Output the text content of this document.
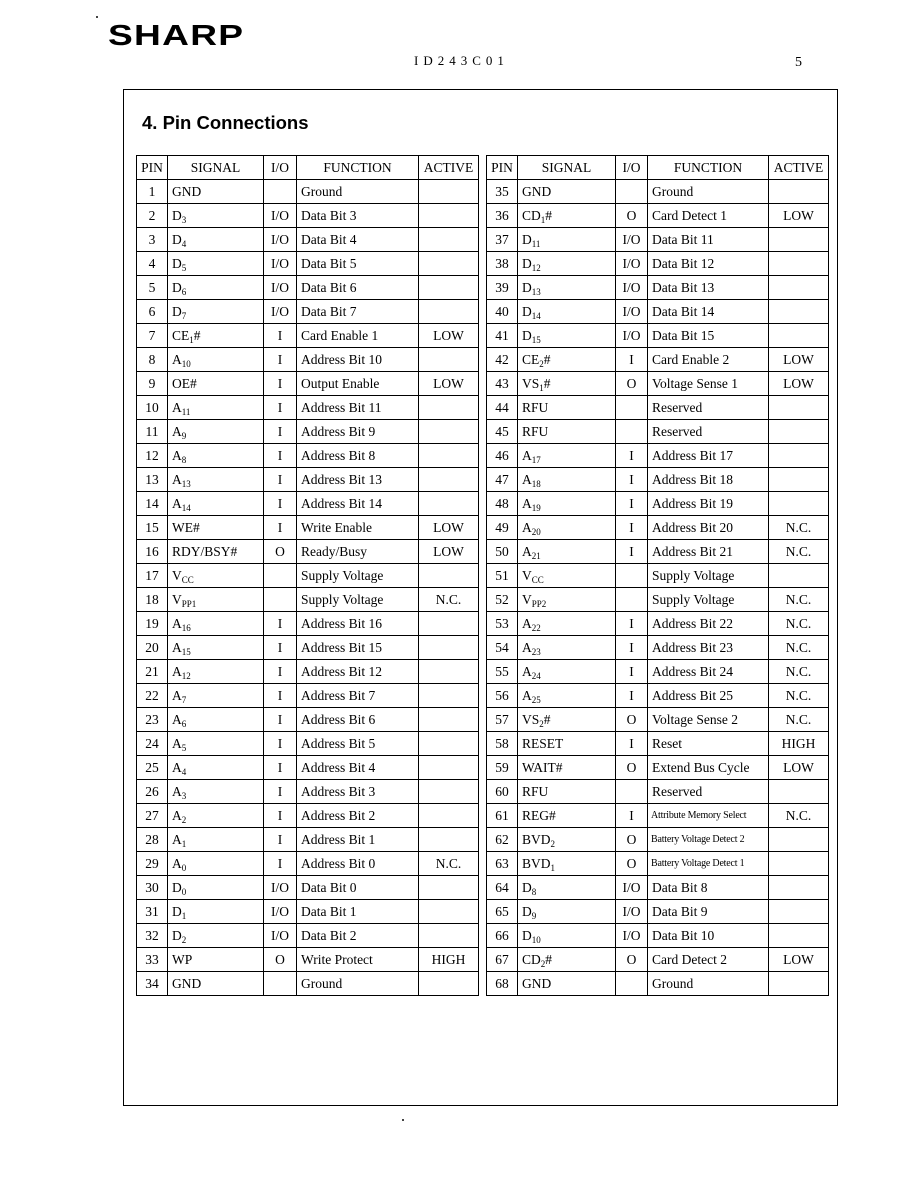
SHARP
ID243C01	5
4. Pin Connections
PIN	SIGNAL	I/O	FUNCTION	ACTIVE
1	GND		Ground	
2	$D_3$	I/O	Data Bit 3	
3	$D_4$	I/O	Data Bit 4	
4	$D_5$	I/O	Data Bit 5	
5	$D_6$	I/O	Data Bit 6	
6	$D_7$	I/O	Data Bit 7	
7	$CE_1\#$	I	Card Enable 1	LOW
8	$A_{10}$	I	Address Bit 10	
9	OE#	I	Output Enable	LOW
10	$A_{11}$	I	Address Bit 11	
11	$A_9$	I	Address Bit 9	
12	$A_8$	I	Address Bit 8	
13	$A_{13}$	I	Address Bit 13	
14	$A_{14}$	I	Address Bit 14	
15	WE#	I	Write Enable	LOW
16	RDY/BSY#	O	Ready/Busy	LOW
17	$V_{CC}$		Supply Voltage	
18	$V_{PP1}$		Supply Voltage	N.C.
19	$A_{16}$	I	Address Bit 16	
20	$A_{15}$	I	Address Bit 15	
21	$A_{12}$	I	Address Bit 12	
22	$A_7$	I	Address Bit 7	
23	$A_6$	I	Address Bit 6	
24	$A_5$	I	Address Bit 5	
25	$A_4$	I	Address Bit 4	
26	$A_3$	I	Address Bit 3	
27	$A_2$	I	Address Bit 2	
28	$A_1$	I	Address Bit 1	
29	$A_0$	I	Address Bit 0	N.C.
30	$D_0$	I/O	Data Bit 0	
31	$D_1$	I/O	Data Bit 1	
32	$D_2$	I/O	Data Bit 2	
33	WP	O	Write Protect	HIGH
34	GND		Ground	
PIN	SIGNAL	I/O	FUNCTION	ACTIVE
35	GND		Ground	
36	$CD_1\#$	O	Card Detect 1	LOW
37	$D_{11}$	I/O	Data Bit 11	
38	$D_{12}$	I/O	Data Bit 12	
39	$D_{13}$	I/O	Data Bit 13	
40	$D_{14}$	I/O	Data Bit 14	
41	$D_{15}$	I/O	Data Bit 15	
42	$CE_2\#$	I	Card Enable 2	LOW
43	$VS_1\#$	O	Voltage Sense 1	LOW
44	RFU		Reserved	
45	RFU		Reserved	
46	$A_{17}$	I	Address Bit 17	
47	$A_{18}$	I	Address Bit 18	
48	$A_{19}$	I	Address Bit 19	
49	$A_{20}$	I	Address Bit 20	N.C.
50	$A_{21}$	I	Address Bit 21	N.C.
51	$V_{CC}$		Supply Voltage	
52	$V_{PP2}$		Supply Voltage	N.C.
53	$A_{22}$	I	Address Bit 22	N.C.
54	$A_{23}$	I	Address Bit 23	N.C.
55	$A_{24}$	I	Address Bit 24	N.C.
56	$A_{25}$	I	Address Bit 25	N.C.
57	$VS_2\#$	O	Voltage Sense 2	N.C.
58	RESET	I	Reset	HIGH
59	WAIT#	O	Extend Bus Cycle	LOW
60	RFU		Reserved	
61	REG#	I	Attribute Memory Select	N.C.
62	$BVD_2$	O	Battery Voltage Detect 2	
63	$BVD_1$	O	Battery Voltage Detect 1	
64	$D_8$	I/O	Data Bit 8	
65	$D_9$	I/O	Data Bit 9	
66	$D_{10}$	I/O	Data Bit 10	
67	$CD_2\#$	O	Card Detect 2	LOW
68	GND		Ground	
